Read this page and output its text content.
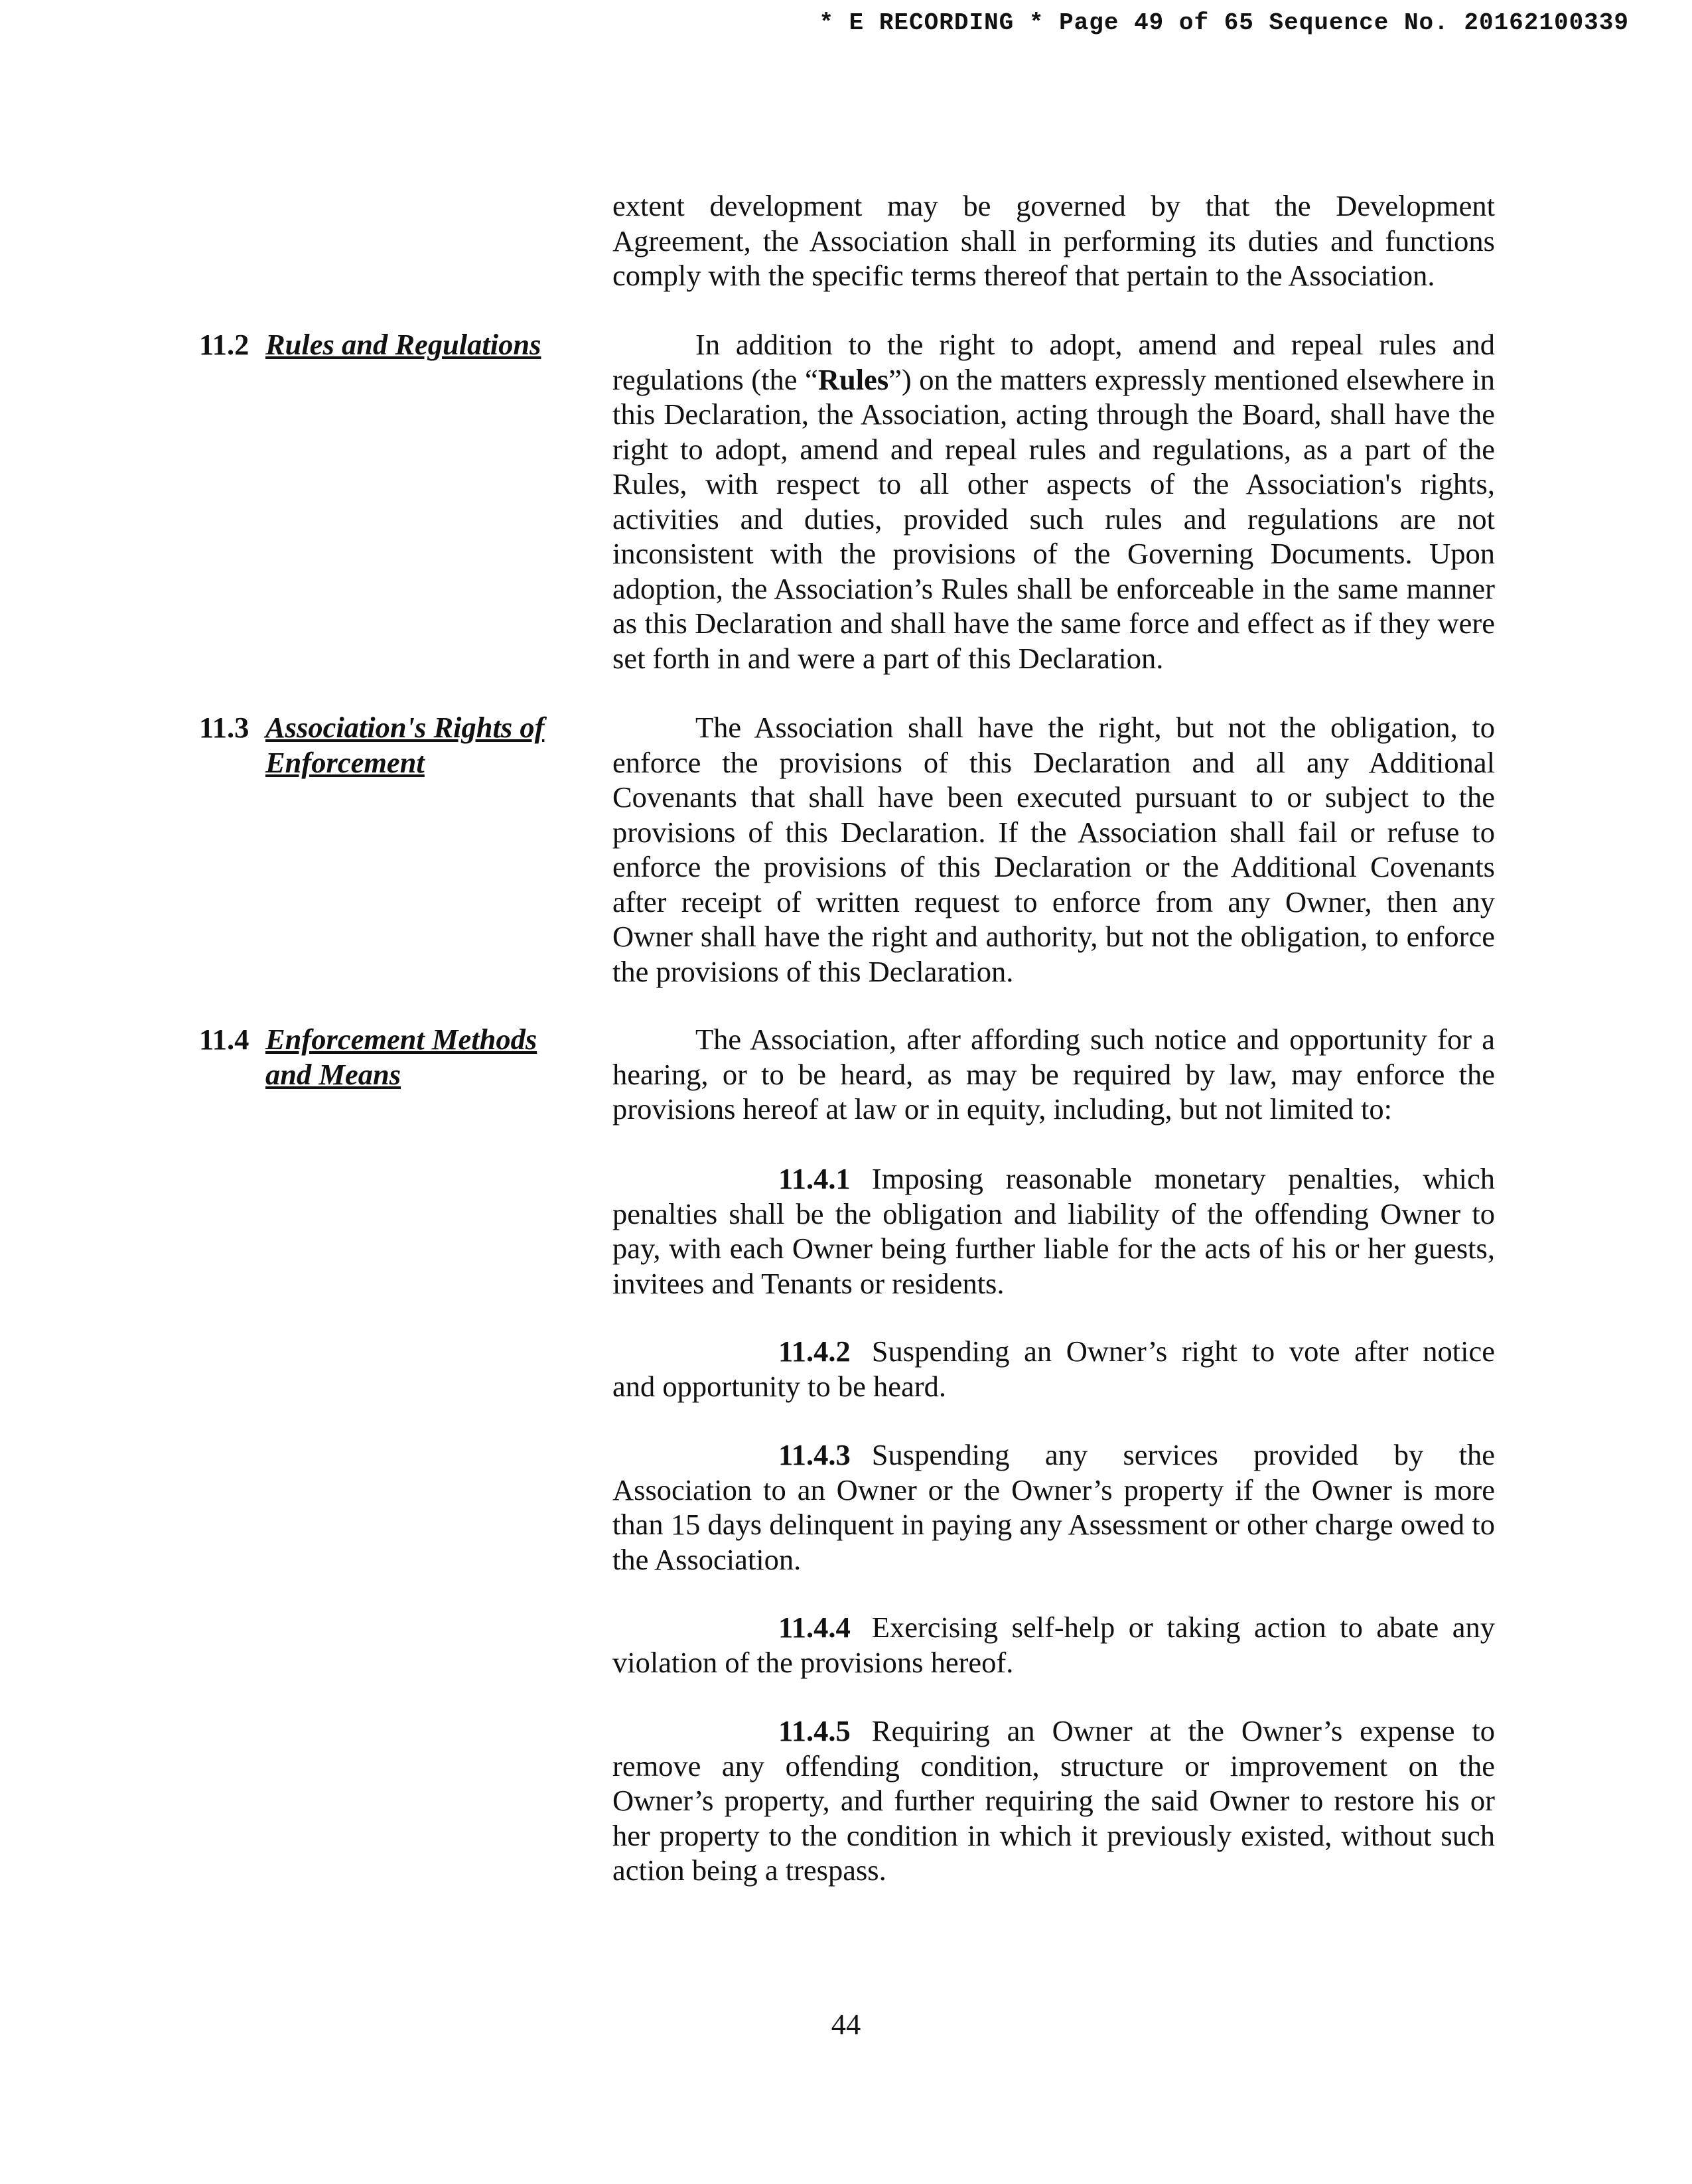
* E RECORDING * Page 49 of 65 Sequence No. 20162100339

extent development may be governed by that the Development Agreement, the Association shall in performing its duties and functions comply with the specific terms thereof that pertain to the Association.

11.2 Rules and Regulations	In addition to the right to adopt, amend and repeal rules and regulations (the “Rules”) on the matters expressly mentioned elsewhere in this Declaration, the Association, acting through the Board, shall have the right to adopt, amend and repeal rules and regulations, as a part of the Rules, with respect to all other aspects of the Association's rights, activities and duties, provided such rules and regulations are not inconsistent with the provisions of the Governing Documents. Upon adoption, the Association’s Rules shall be enforceable in the same manner as this Declaration and shall have the same force and effect as if they were set forth in and were a part of this Declaration.

11.3 Association's Rights of
Enforcement

The Association shall have the right, but not the obligation, to enforce the provisions of this Declaration and all any Additional Covenants that shall have been executed pursuant to or subject to the provisions of this Declaration. If the Association shall fail or refuse to enforce the provisions of this Declaration or the Additional Covenants after receipt of written request to enforce from any Owner, then any Owner shall have the right and authority, but not the obligation, to enforce the provisions of this Declaration.

11.4 Enforcement Methods
and Means

The Association, after affording such notice and opportunity for a hearing, or to be heard, as may be required by law, may enforce the provisions hereof at law or in equity, including, but not limited to:

11.4.1 Imposing reasonable monetary penalties, which penalties shall be the obligation and liability of the offending Owner to pay, with each Owner being further liable for the acts of his or her guests, invitees and Tenants or residents.

11.4.2 Suspending an Owner’s right to vote after notice and opportunity to be heard.

11.4.3 Suspending any services provided by the Association to an Owner or the Owner’s property if the Owner is more than 15 days delinquent in paying any Assessment or other charge owed to the Association.

11.4.4 Exercising self-help or taking action to abate any violation of the provisions hereof.

11.4.5 Requiring an Owner at the Owner’s expense to remove any offending condition, structure or improvement on the Owner’s property, and further requiring the said Owner to restore his or her property to the condition in which it previously existed, without such action being a trespass.

44
